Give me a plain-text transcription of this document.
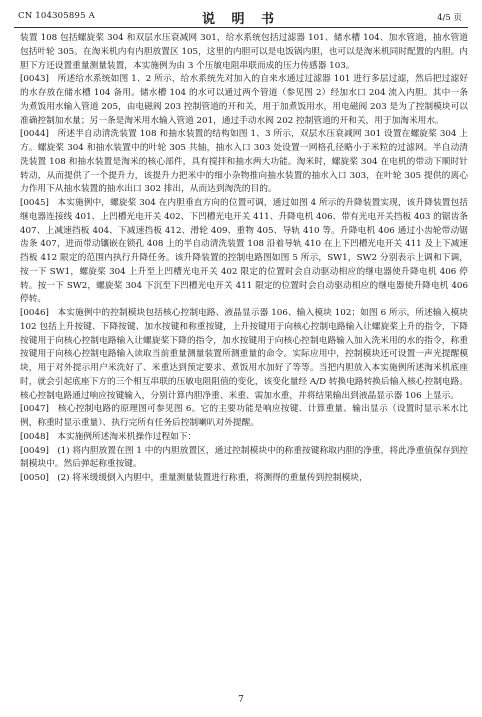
CN 104305895 A	说 明 书	4/5 页

装置 108 包括螺旋桨 304 和双层水压衰减网 301，给水系统包括过滤器 101、储水槽 104、加水管道，抽水管道包括叶轮 305。在淘米机内有内胆放置区 105，这里的内胆可以是电饭锅内胆，也可以是淘米机同时配置的内胆。内胆下方还设置重量测量装置，本实施例为由 3 个压敏电阻串联而成的压力传感器 103。

[0043] 所述给水系统如图 1、2 所示，给水系统先对加入的自来水通过过滤器 101 进行多层过滤，然后把过滤好的水存放在储水槽 104 备用。储水槽 104 的水可以通过两个管道（参见图 2）经加水口 204 流入内胆。其中一条为煮饭用水输入管道 205，由电磁阀 203 控制管道的开和关，用于加煮饭用水，用电磁阀 203 是为了控制模块可以准确控制加水量；另一条是淘米用水输入管道 201，通过手动水阀 202 控制管道的开和关，用于加淘米用水。

[0044] 所述半自动清洗装置 108 和抽水装置的结构如图 1、3 所示，双层水压衰减网 301 设置在螺旋桨 304 上方。螺旋桨 304 和抽水装置中的叶轮 305 共轴，抽水入口 303 处设置一网格孔径略小于米粒的过滤网。半自动清洗装置 108 和抽水装置是淘米的核心部件，具有搅拌和抽水两大功能。淘米时，螺旋桨 304 在电机的带动下顺时针转动，从而提供了一个提升力，该提升力把米中的细小杂物推向抽水装置的抽水入口 303，在叶轮 305 提供的离心力作用下从抽水装置的抽水出口 302 排出，从而达到淘洗的目的。

[0045] 本实施例中，螺旋桨 304 在内胆垂直方向的位置可调，通过如图 4 所示的升降装置实现，该升降装置包括继电器连接线 401、上凹槽光电开关 402、下凹槽光电开关 411、升降电机 406、带有光电开关挡板 403 的锯齿条 407、上减速挡板 404、下减速挡板 412、滑轮 409、重物 405、导轨 410 等。升降电机 406 通过小齿轮带动锯齿条 407，进而带动镶嵌在锁孔 408 上的半自动清洗装置 108 沿着导轨 410 在上下凹槽光电开关 411 及上下减速挡板 412 限定的范围内执行升降任务。该升降装置的控制电路图如图 5 所示，SW1，SW2 分别表示上调和下调，按一下 SW1，螺旋桨 304 上升至上凹槽光电开关 402 限定的位置时会自动驱动相应的继电器使升降电机 406 停转。按一下 SW2，螺旋桨 304 下沉至下凹槽光电开关 411 限定的位置时会自动驱动相应的继电器使升降电机 406 停转。

[0046] 本实施例中的控制模块包括核心控制电路、液晶显示器 106、输入模块 102；如图 6 所示，所述输入模块 102 包括上升按键、下降按键、加水按键和称重按键，上升按键用于向核心控制电路输入让螺旋桨上升的指令，下降按键用于向核心控制电路输入让螺旋桨下降的指令，加水按键用于向核心控制电路输入加入洗米用的水的指令，称重按键用于向核心控制电路输入读取当前重量测量装置所测重量的命令。实际应用中，控制模块还可设置一声光提醒模块，用于对外提示用户米洗好了、米重达到预定要求、煮饭用水加好了等等。当把内胆放入本实施例所述淘米机底座时，就会引起底座下方的三个相互串联的压敏电阻阻值的变化，该变化量经 A/D 转换电路转换后输入核心控制电路。核心控制电路通过响应按键输入，分别计算内胆净重、米重、需加水重，并将结果输出到液晶显示器 106 上显示。

[0047] 核心控制电路的原理图可参见图 6。它的主要功能是响应按键、计算重量、输出显示（设置时显示米水比例，称重时显示重量）、执行完所有任务后控制喇叭对外提醒。

[0048] 本实施例所述淘米机操作过程如下：

[0049] (1) 将内胆放置在图 1 中的内胆放置区，通过控制模块中的称重按键称取内胆的净重，将此净重值保存到控制模块中。然后弹起称重按键。

[0050] (2) 将米缓缓倒入内胆中，重量测量装置进行称重，将测得的重量传到控制模块，

7
